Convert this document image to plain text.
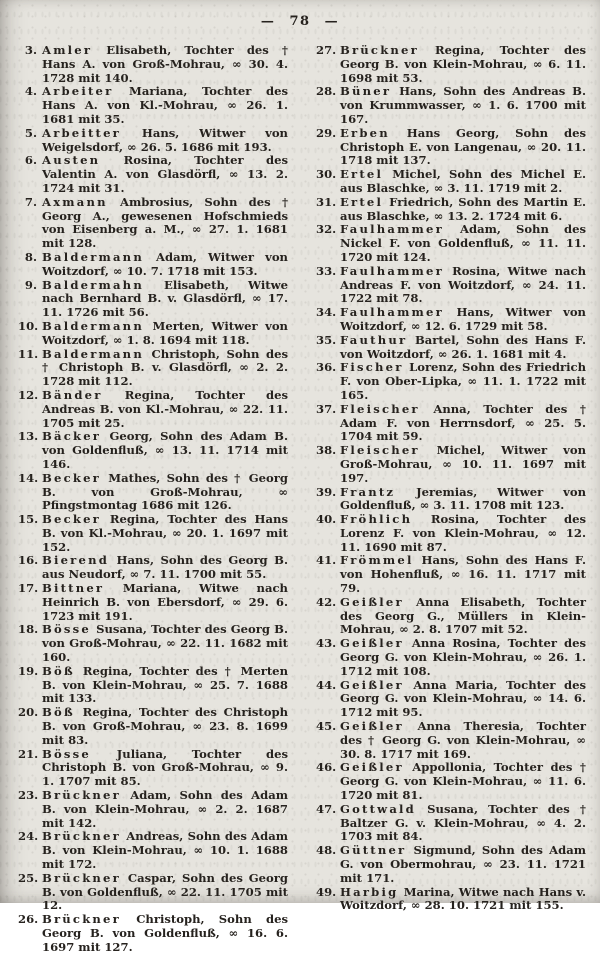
— 78 —
3. Amler Elisabeth, Tochter des † Hans A. von Groß-Mohrau, ∞ 30. 4. 1728 mit 140.
4. Arbeiter Mariana, Tochter des Hans A. von Kl.-Mohrau, ∞ 26. 1. 1681 mit 35.
5. Arbeitter Hans, Witwer von Weigelsdorf, ∞ 26. 5. 1686 mit 193.
6. Austen Rosina, Tochter des Valentin A. von Glasdörfl, ∞ 13. 2. 1724 mit 31.
7. Axmann Ambrosius, Sohn des † Georg A., gewesenen Hofschmieds von Eisenberg a. M., ∞ 27. 1. 1681 mit 128.
8. Baldermann Adam, Witwer von Woitzdorf, ∞ 10. 7. 1718 mit 153.
9. Baldermahn Elisabeth, Witwe nach Bernhard B. v. Glasdörfl, ∞ 17. 11. 1726 mit 56.
10. Baldermann Merten, Witwer von Woitzdorf, ∞ 1. 8. 1694 mit 118.
11. Baldermann Christoph, Sohn des † Christoph B. v. Glasdörfl, ∞ 2. 2. 1728 mit 112.
12. Bänder Regina, Tochter des Andreas B. von Kl.-Mohrau, ∞ 22. 11. 1705 mit 25.
13. Bäcker Georg, Sohn des Adam B. von Goldenfluß, ∞ 13. 11. 1714 mit 146.
14. Becker Mathes, Sohn des † Georg B. von Groß-Mohrau, ∞ Pfingstmontag 1686 mit 126.
15. Becker Regina, Tochter des Hans B. von Kl.-Mohrau, ∞ 20. 1. 1697 mit 152.
16. Bierend Hans, Sohn des Georg B. aus Neudorf, ∞ 7. 11. 1700 mit 55.
17. Bittner Mariana, Witwe nach Heinrich B. von Ebersdorf, ∞ 29. 6. 1723 mit 191.
18. Bösse Susana, Tochter des Georg B. von Groß-Mohrau, ∞ 22. 11. 1682 mit 160.
19. Böß Regina, Tochter des † Merten B. von Klein-Mohrau, ∞ 25. 7. 1688 mit 133.
20. Böß Regina, Tochter des Christoph B. von Groß-Mohrau, ∞ 23. 8. 1699 mit 83.
21. Bösse Juliana, Tochter des Christoph B. von Groß-Mohrau, ∞ 9. 1. 1707 mit 85.
23. Brückner Adam, Sohn des Adam B. von Klein-Mohrau, ∞ 2. 2. 1687 mit 142.
24. Brückner Andreas, Sohn des Adam B. von Klein-Mohrau, ∞ 10. 1. 1688 mit 172.
25. Brückner Caspar, Sohn des Georg B. von Goldenfluß, ∞ 22. 11. 1705 mit 12.
26. Brückner Christoph, Sohn des Georg B. von Goldenfluß, ∞ 16. 6. 1697 mit 127.
27. Brückner Regina, Tochter des Georg B. von Klein-Mohrau, ∞ 6. 11. 1698 mit 53.
28. Büner Hans, Sohn des Andreas B. von Krummwasser, ∞ 1. 6. 1700 mit 167.
29. Erben Hans Georg, Sohn des Christoph E. von Langenau, ∞ 20. 11. 1718 mit 137.
30. Ertel Michel, Sohn des Michel E. aus Blaschke, ∞ 3. 11. 1719 mit 2.
31. Ertel Friedrich, Sohn des Martin E. aus Blaschke, ∞ 13. 2. 1724 mit 6.
32. Faulhammer Adam, Sohn des Nickel F. von Goldenfluß, ∞ 11. 11. 1720 mit 124.
33. Faulhammer Rosina, Witwe nach Andreas F. von Woitzdorf, ∞ 24. 11. 1722 mit 78.
34. Faulhammer Hans, Witwer von Woitzdorf, ∞ 12. 6. 1729 mit 58.
35. Fauthur Bartel, Sohn des Hans F. von Woitzdorf, ∞ 26. 1. 1681 mit 4.
36. Fischer Lorenz, Sohn des Friedrich F. von Ober-Lipka, ∞ 11. 1. 1722 mit 165.
37. Fleischer Anna, Tochter des † Adam F. von Herrnsdorf, ∞ 25. 5. 1704 mit 59.
38. Fleischer Michel, Witwer von Groß-Mohrau, ∞ 10. 11. 1697 mit 197.
39. Frantz Jeremias, Witwer von Goldenfluß, ∞ 3. 11. 1708 mit 123.
40. Fröhlich Rosina, Tochter des Lorenz F. von Klein-Mohrau, ∞ 12. 11. 1690 mit 87.
41. Frömmel Hans, Sohn des Hans F. von Hohenfluß, ∞ 16. 11. 1717 mit 79.
42. Geißler Anna Elisabeth, Tochter des Georg G., Müllers in Klein-Mohrau, ∞ 2. 8. 1707 mit 52.
43. Geißler Anna Rosina, Tochter des Georg G. von Klein-Mohrau, ∞ 26. 1. 1712 mit 108.
44. Geißler Anna Maria, Tochter des Georg G. von Klein-Mohrau, ∞ 14. 6. 1712 mit 95.
45. Geißler Anna Theresia, Tochter des † Georg G. von Klein-Mohrau, ∞ 30. 8. 1717 mit 169.
46. Geißler Appollonia, Tochter des † Georg G. von Klein-Mohrau, ∞ 11. 6. 1720 mit 81.
47. Gottwald Susana, Tochter des † Baltzer G. v. Klein-Mohrau, ∞ 4. 2. 1703 mit 84.
48. Güttner Sigmund, Sohn des Adam G. von Obermohrau, ∞ 23. 11. 1721 mit 171.
49. Harbig Marina, Witwe nach Hans v. Woitzdorf, ∞ 28. 10. 1721 mit 155.
